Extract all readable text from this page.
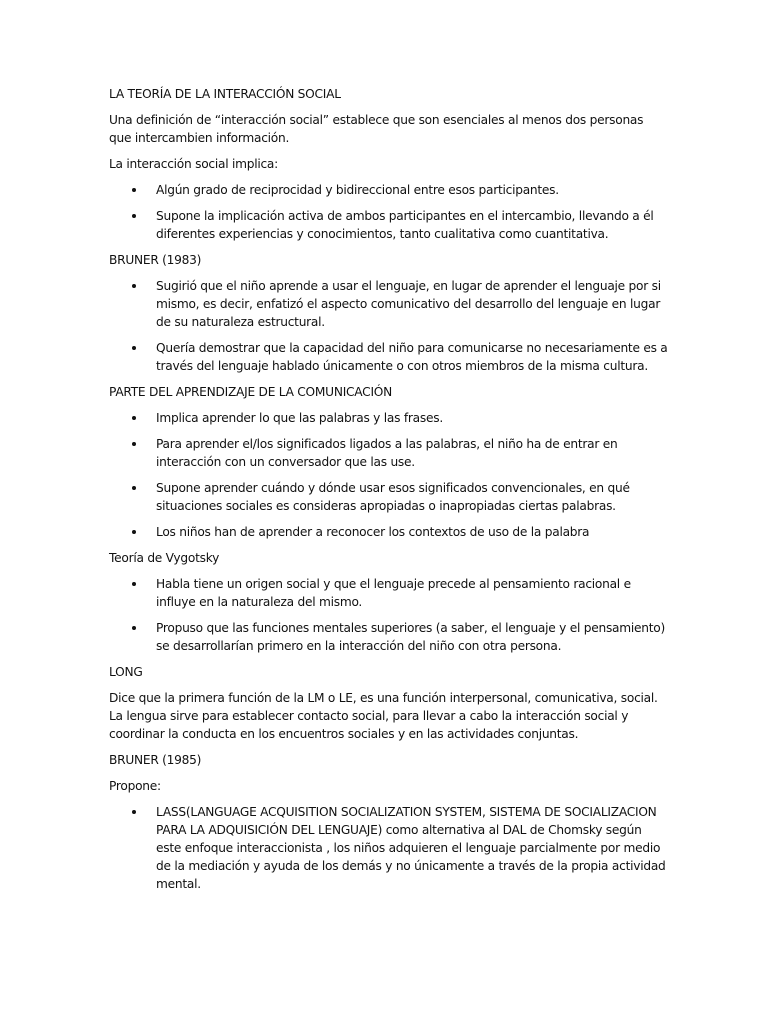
LA TEORÍA DE LA INTERACCIÓN SOCIAL

Una definición de “interacción social” establece que son esenciales al menos dos personas que intercambien información.

La interacción social implica:

Algún grado de reciprocidad y bidireccional entre esos participantes.
Supone la implicación activa de ambos participantes en el intercambio, llevando a él diferentes experiencias y conocimientos, tanto cualitativa como cuantitativa.

BRUNER (1983)

Sugirió que el niño aprende a usar el lenguaje, en lugar de aprender el lenguaje por si mismo, es decir, enfatizó el aspecto comunicativo del desarrollo del lenguaje en lugar de su naturaleza estructural.
Quería demostrar que la capacidad del niño para comunicarse no necesariamente es a través del lenguaje hablado únicamente o con otros miembros de la misma cultura.

PARTE DEL APRENDIZAJE DE LA COMUNICACIÓN

Implica aprender lo que las palabras y las frases.
Para aprender el/los significados ligados a las palabras, el niño ha de entrar en interacción con un conversador que las use.
Supone aprender cuándo y dónde usar esos significados convencionales, en qué situaciones sociales es consideras apropiadas o inapropiadas ciertas palabras.
Los niños han de aprender a reconocer los contextos de uso de la palabra

Teoría de Vygotsky

Habla tiene un origen social y que el lenguaje precede al pensamiento racional e influye en la naturaleza del mismo.
Propuso que las funciones mentales superiores (a saber, el lenguaje y el pensamiento) se desarrollarían primero en la interacción del niño con otra persona.

LONG

Dice que la primera función de la LM o LE, es una función interpersonal, comunicativa, social. La lengua sirve para establecer contacto social, para llevar a cabo la interacción social y coordinar la conducta en los encuentros sociales y en las actividades conjuntas.

BRUNER (1985)

Propone:

LASS(LANGUAGE ACQUISITION SOCIALIZATION SYSTEM, SISTEMA DE SOCIALIZACION PARA LA ADQUISICIÓN DEL LENGUAJE) como alternativa al DAL de Chomsky según este enfoque interaccionista , los niños adquieren el lenguaje parcialmente por medio de la mediación y ayuda de los demás y no únicamente a través de la propia actividad mental.
